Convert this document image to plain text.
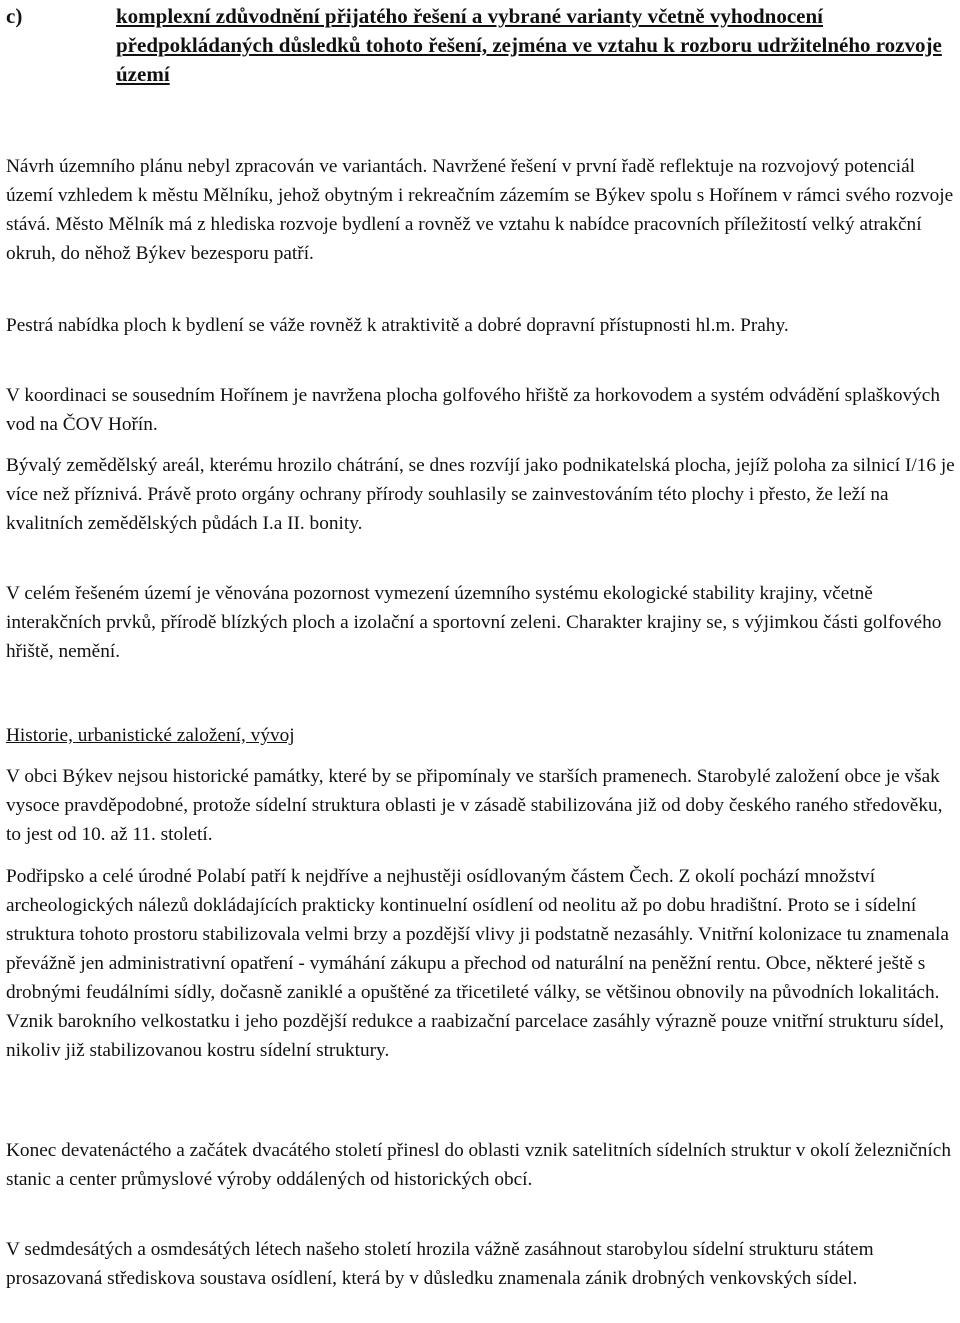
c)	komplexní zdůvodnění přijatého řešení a vybrané varianty včetně vyhodnocení předpokládaných důsledků tohoto řešení, zejména ve vztahu k rozboru udržitelného rozvoje území

Návrh územního plánu nebyl zpracován ve variantách. Navržené řešení v první řadě reflektuje na rozvojový potenciál území vzhledem k městu Mělníku, jehož obytným i rekreačním zázemím se Býkev spolu s Hořínem v rámci svého rozvoje stává. Město Mělník má z hlediska rozvoje bydlení a rovněž ve vztahu k nabídce pracovních příležitostí velký atrakční okruh, do něhož Býkev bezesporu patří.

Pestrá nabídka ploch k bydlení se váže rovněž k atraktivitě a dobré dopravní přístupnosti hl.m. Prahy.

V koordinaci se sousedním Hořínem je navržena plocha golfového hřiště za horkovodem a systém odvádění splaškových vod na ČOV Hořín.

Bývalý zemědělský areál, kterému hrozilo chátrání, se dnes rozvíjí jako podnikatelská plocha, jejíž poloha za silnicí I/16 je více než příznivá. Právě proto orgány ochrany přírody souhlasily se zainvestováním této plochy i přesto, že leží na kvalitních zemědělských půdách I.a II. bonity.

V celém řešeném území je věnována pozornost vymezení územního systému ekologické stability krajiny, včetně interakčních prvků, přírodě blízkých ploch a izolační a sportovní zeleni. Charakter krajiny se, s výjimkou části golfového hřiště, nemění.

Historie, urbanistické založení, vývoj

V obci Býkev nejsou historické památky, které by se připomínaly ve starších pramenech. Starobylé založení obce je však vysoce pravděpodobné, protože sídelní struktura oblasti je v zásadě stabilizována již od doby českého raného středověku, to jest od 10. až 11. století.

Podřipsko a celé úrodné Polabí patří k nejdříve a nejhustěji osídlovaným částem Čech. Z okolí pochází množství archeologických nálezů dokládajících prakticky kontinuelní osídlení od neolitu až po dobu hradištní. Proto se i sídelní struktura tohoto prostoru stabilizovala velmi brzy a pozdější vlivy ji podstatně nezasáhly. Vnitřní kolonizace tu znamenala převážně jen administrativní opatření - vymáhání zákupu a přechod od naturální na peněžní rentu. Obce, některé ještě s drobnými feudálními sídly, dočasně zaniklé a opuštěné za třicetileté války, se většinou obnovily na původních lokalitách. Vznik barokního velkostatku i jeho pozdější redukce a raabizační parcelace zasáhly výrazně pouze vnitřní strukturu sídel, nikoliv již stabilizovanou kostru sídelní struktury.

Konec devatenáctého a začátek dvacátého století přinesl do oblasti vznik satelitních sídelních struktur v okolí železničních stanic a center průmyslové výroby oddálených od historických obcí.

V sedmdesátých a osmdesátých létech našeho století hrozila vážně zasáhnout starobylou sídelní strukturu státem prosazovaná střediskova soustava osídlení, která by v důsledku znamenala zánik drobných venkovských sídel.
